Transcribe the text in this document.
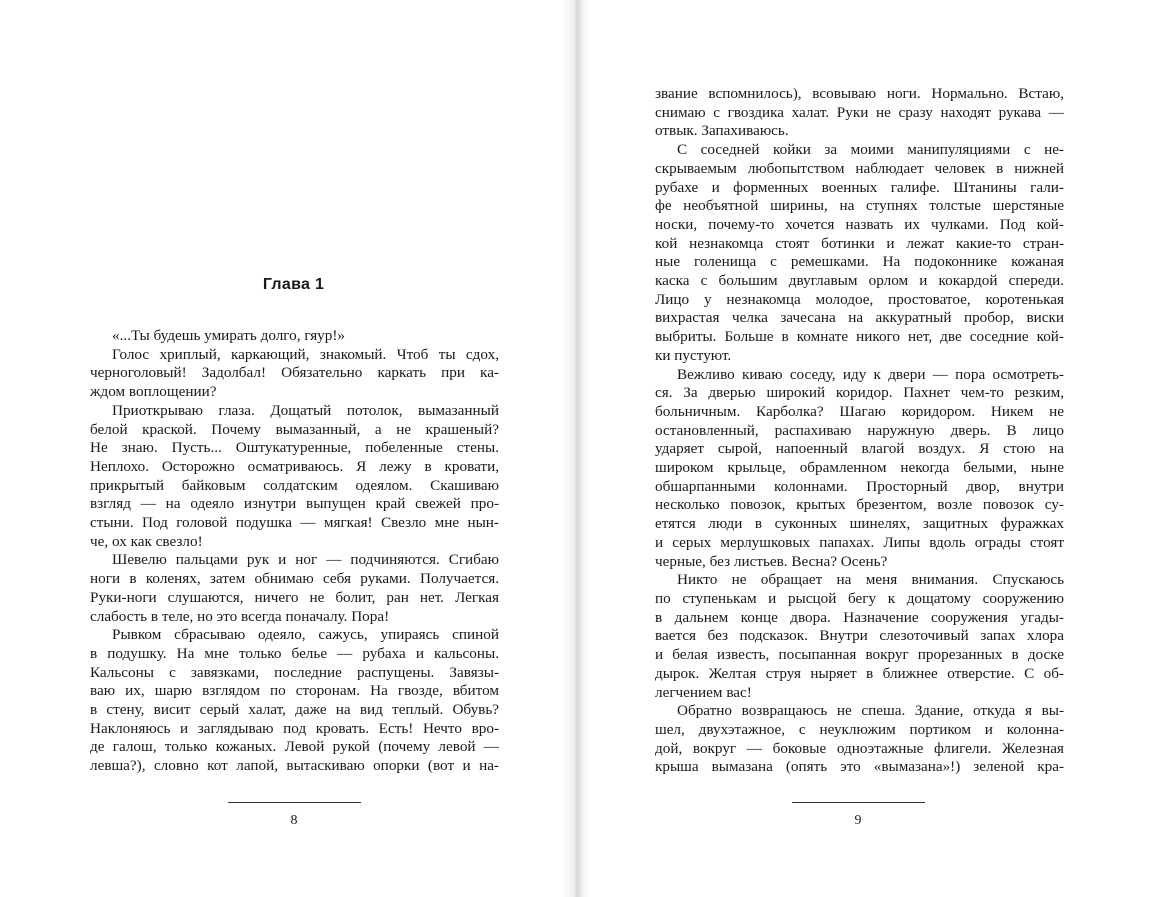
Глава 1

«...Ты будешь умирать долго, гяур!»

Голос хриплый, каркающий, знакомый. Чтоб ты сдох,

черноголовый! Задолбал! Обязательно каркать при ка-

ждом воплощении?

Приоткрываю глаза. Дощатый потолок, вымазанный

белой краской. Почему вымазанный, а не крашеный?

Не знаю. Пусть... Оштукатуренные, побеленные стены.

Неплохо. Осторожно осматриваюсь. Я лежу в кровати,

прикрытый байковым солдатским одеялом. Скашиваю

взгляд — на одеяло изнутри выпущен край свежей про-

стыни. Под головой подушка — мягкая! Свезло мне нын-

че, ох как свезло!

Шевелю пальцами рук и ног — подчиняются. Сгибаю

ноги в коленях, затем обнимаю себя руками. Получается.

Руки-ноги слушаются, ничего не болит, ран нет. Легкая

слабость в теле, но это всегда поначалу. Пора!

Рывком сбрасываю одеяло, сажусь, упираясь спиной

в подушку. На мне только белье — рубаха и кальсоны.

Кальсоны с завязками, последние распущены. Завязы-

ваю их, шарю взглядом по сторонам. На гвозде, вбитом

в стену, висит серый халат, даже на вид теплый. Обувь?

Наклоняюсь и заглядываю под кровать. Есть! Нечто вро-

де галош, только кожаных. Левой рукой (почему левой —

левша?), словно кот лапой, вытаскиваю опорки (вот и на-

8

звание вспомнилось), всовываю ноги. Нормально. Встаю,

снимаю с гвоздика халат. Руки не сразу находят рукава —

отвык. Запахиваюсь.

С соседней койки за моими манипуляциями с не-

скрываемым любопытством наблюдает человек в нижней

рубахе и форменных военных галифе. Штанины гали-

фе необъятной ширины, на ступнях толстые шерстяные

носки, почему-то хочется назвать их чулками. Под кой-

кой незнакомца стоят ботинки и лежат какие-то стран-

ные голенища с ремешками. На подоконнике кожаная

каска с большим двуглавым орлом и кокардой спереди.

Лицо у незнакомца молодое, простоватое, коротенькая

вихрастая челка зачесана на аккуратный пробор, виски

выбриты. Больше в комнате никого нет, две соседние кой-

ки пустуют.

Вежливо киваю соседу, иду к двери — пора осмотреть-

ся. За дверью широкий коридор. Пахнет чем-то резким,

больничным. Карболка? Шагаю коридором. Никем не

остановленный, распахиваю наружную дверь. В лицо

ударяет сырой, напоенный влагой воздух. Я стою на

широком крыльце, обрамленном некогда белыми, ныне

обшарпанными колоннами. Просторный двор, внутри

несколько повозок, крытых брезентом, возле повозок су-

етятся люди в суконных шинелях, защитных фуражках

и серых мерлушковых папахах. Липы вдоль ограды стоят

черные, без листьев. Весна? Осень?

Никто не обращает на меня внимания. Спускаюсь

по ступенькам и рысцой бегу к дощатому сооружению

в дальнем конце двора. Назначение сооружения угады-

вается без подсказок. Внутри слезоточивый запах хлора

и белая известь, посыпанная вокруг прорезанных в доске

дырок. Желтая струя ныряет в ближнее отверстие. С об-

легчением вас!

Обратно возвращаюсь не спеша. Здание, откуда я вы-

шел, двухэтажное, с неуклюжим портиком и колонна-

дой, вокруг — боковые одноэтажные флигели. Железная

крыша вымазана (опять это «вымазана»!) зеленой кра-

9
